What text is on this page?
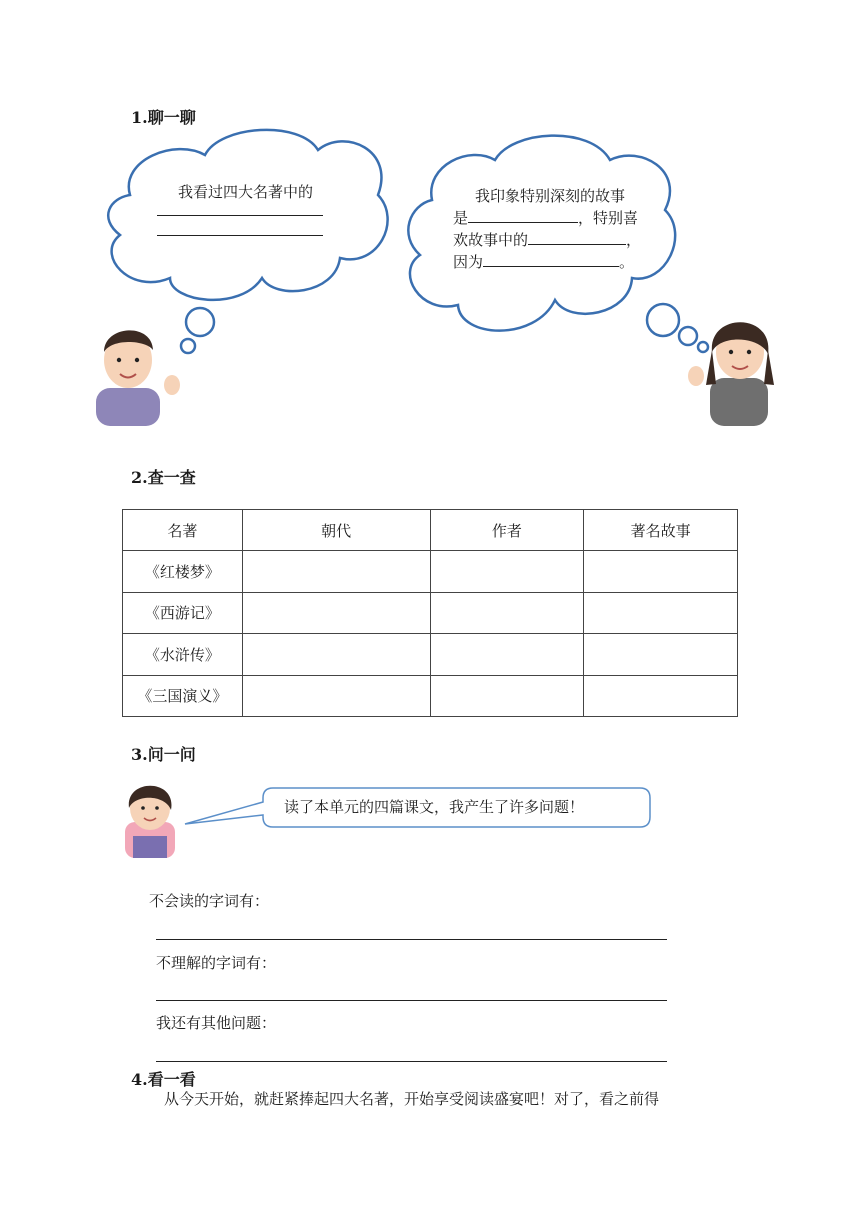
1.聊一聊
我看过四大名著中的	我印象特别深刻的故事
是	，特别喜
欢故事中的	，
因为	。
2.查一查
名著	朝代	作者	著名故事
《红楼梦》			
《西游记》			
《水浒传》			
《三国演义》			
3.问一问
读了本单元的四篇课文，我产生了许多问题！
不会读的字词有：
不理解的字词有：
我还有其他问题：
4.看一看
从今天开始，就赶紧捧起四大名著，开始享受阅读盛宴吧！对了，看之前得
